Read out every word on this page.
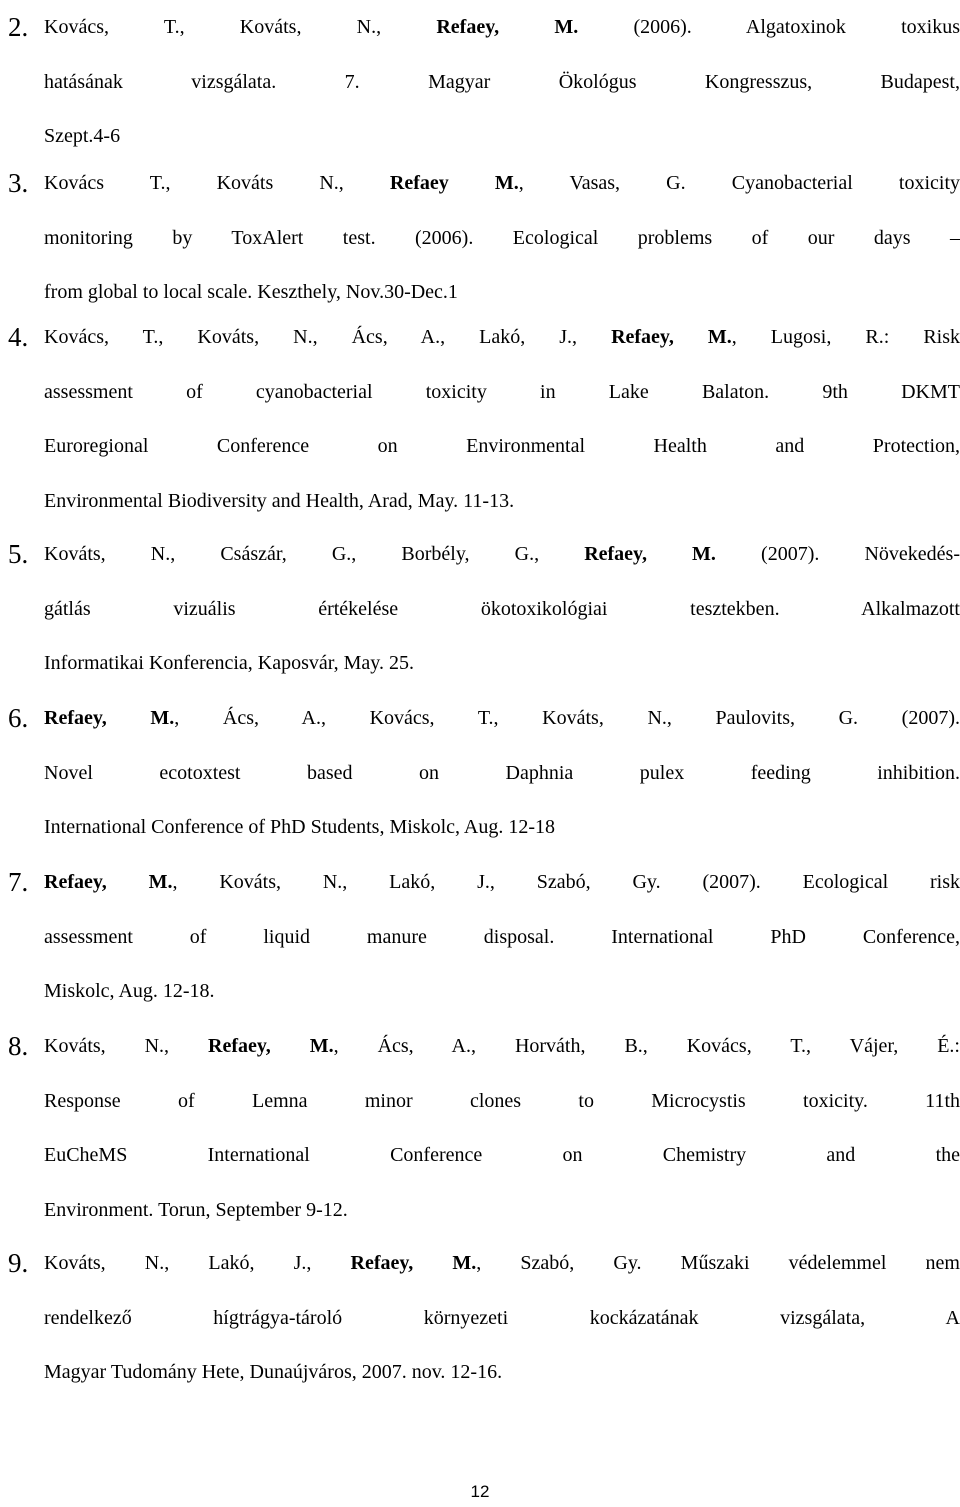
2. Kovács, T., Kováts, N., Refaey, M. (2006). Algatoxinok toxikus
hatásának vizsgálata. 7. Magyar Ökológus Kongresszus, Budapest,
Szept.4-6
3. Kovács T., Kováts N., Refaey M., Vasas, G. Cyanobacterial toxicity
monitoring by ToxAlert test. (2006). Ecological problems of our days –
from global to local scale. Keszthely, Nov.30-Dec.1
4. Kovács, T., Kováts, N., Ács, A., Lakó, J., Refaey, M., Lugosi, R.: Risk
assessment of cyanobacterial toxicity in Lake Balaton. 9th DKMT
Euroregional Conference on Environmental Health and Protection,
Environmental Biodiversity and Health, Arad, May. 11-13.
5. Kováts, N., Császár, G., Borbély, G., Refaey, M. (2007). Növekedés-
gátlás vizuális értékelése ökotoxikológiai tesztekben. Alkalmazott
Informatikai Konferencia, Kaposvár, May. 25.
6. Refaey, M., Ács, A., Kovács, T., Kováts, N., Paulovits, G. (2007).
Novel ecotoxtest based on Daphnia pulex feeding inhibition.
International Conference of PhD Students, Miskolc, Aug. 12-18
7. Refaey, M., Kováts, N., Lakó, J., Szabó, Gy. (2007). Ecological risk
assessment of liquid manure disposal. International PhD Conference,
Miskolc, Aug. 12-18.
8. Kováts, N., Refaey, M., Ács, A., Horváth, B., Kovács, T., Vájer, É.:
Response of Lemna minor clones to Microcystis toxicity. 11th
EuCheMS International Conference on Chemistry and the
Environment. Torun, September 9-12.
9. Kováts, N., Lakó, J., Refaey, M., Szabó, Gy. Műszaki védelemmel nem
rendelkező hígtrágya-tároló környezeti kockázatának vizsgálata, A
Magyar Tudomány Hete, Dunaújváros, 2007. nov. 12-16.
12
